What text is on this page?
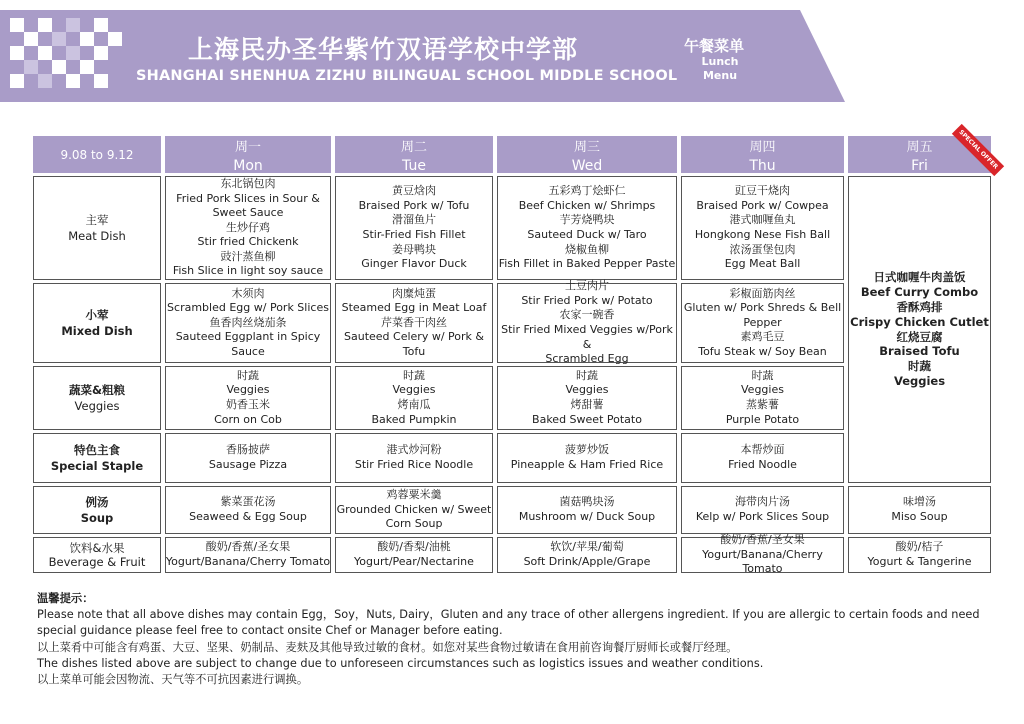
上海民办圣华紫竹双语学校中学部
SHANGHAI SHENHUA ZIZHU BILINGUAL SCHOOL MIDDLE SCHOOL
午餐菜单
Lunch
Menu
9.08 to 9.12	周一
Mon
周二
Tue
周三
Wed
周四
Thu
周五
Fri	SPECIAL OFFER
主荤
Meat Dish
小荤
Mixed Dish
蔬菜&粗粮
Veggies
特色主食
Special Staple
例汤
Soup
饮料&水果
Beverage & Fruit
东北锅包肉
Fried Pork Slices in Sour &
Sweet Sauce
生炒仔鸡
Stir fried Chickenk
豉汁蒸鱼柳
Fish Slice in light soy sauce
黄豆焓肉
Braised Pork w/ Tofu
滑溜鱼片
Stir-Fried Fish Fillet
姜母鸭块
Ginger Flavor Duck
五彩鸡丁烩虾仁
Beef Chicken w/ Shrimps
芋芳烧鸭块
Sauteed Duck w/ Taro
烧椒鱼柳
Fish Fillet in Baked Pepper Paste
豇豆干烧肉
Braised Pork w/ Cowpea
港式咖喱鱼丸
Hongkong Nese Fish Ball
浓汤蛋堡包肉
Egg Meat Ball
木须肉
Scrambled Egg w/ Pork Slices
鱼香肉丝烧茄条
Sauteed Eggplant in Spicy
Sauce
肉糜炖蛋
Steamed Egg in Meat Loaf
芹菜香干肉丝
Sauteed Celery w/ Pork & Tofu
土豆肉片
Stir Fried Pork w/ Potato
农家一碗香
Stir Fried Mixed Veggies w/Pork &
Scrambled Egg
彩椒面筋肉丝
Gluten w/ Pork Shreds & Bell
Pepper
素鸡毛豆
Tofu Steak w/ Soy Bean
时蔬
Veggies
奶香玉米
Corn on Cob
时蔬
Veggies
烤南瓜
Baked Pumpkin
时蔬
Veggies
烤甜薯
Baked Sweet Potato
时蔬
Veggies
蒸紫薯
Purple Potato
香肠披萨
Sausage Pizza
港式炒河粉
Stir Fried Rice Noodle
菠萝炒饭
Pineapple & Ham Fried Rice
本帮炒面
Fried Noodle
紫菜蛋花汤
Seaweed & Egg Soup
鸡蓉粟米羹
Grounded Chicken w/ Sweet
Corn Soup
菌菇鸭块汤
Mushroom w/ Duck Soup
海带肉片汤
Kelp w/ Pork Slices Soup
味增汤
Miso Soup
酸奶/香蕉/圣女果
Yogurt/Banana/Cherry Tomato
酸奶/香梨/油桃
Yogurt/Pear/Nectarine
软饮/苹果/葡萄
Soft Drink/Apple/Grape
酸奶/香蕉/圣女果
Yogurt/Banana/Cherry Tomato
酸奶/桔子
Yogurt & Tangerine
日式咖喱牛肉盖饭
Beef Curry Combo
香酥鸡排
Crispy Chicken Cutlet
红烧豆腐
Braised Tofu
时蔬
Veggies
温馨提示：
Please note that all above dishes may contain Egg，Soy，Nuts, Dairy，Gluten and any trace of other allergens ingredient. If you are allergic to certain foods and need special guidance please feel free to contact onsite Chef or Manager before eating.
以上菜肴中可能含有鸡蛋、大豆、坚果、奶制品、麦麸及其他导致过敏的食材。如您对某些食物过敏请在食用前咨询餐厅厨师长或餐厅经理。
The dishes listed above are subject to change due to unforeseen circumstances such as logistics issues and weather conditions.
以上菜单可能会因物流、天气等不可抗因素进行调换。
